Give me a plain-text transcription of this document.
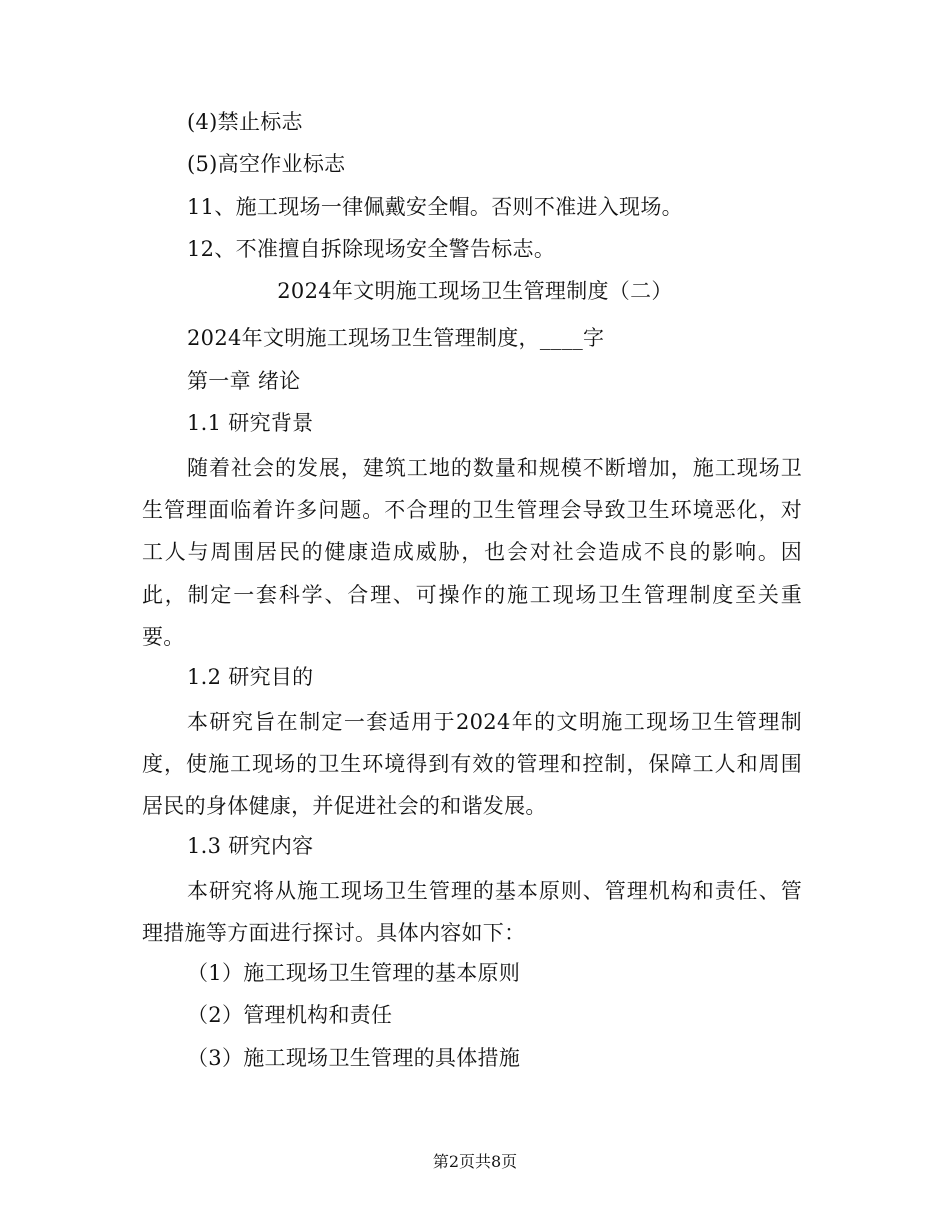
(4)禁止标志
(5)高空作业标志
11、施工现场一律佩戴安全帽。否则不准进入现场。
12、不准擅自拆除现场安全警告标志。
2024年文明施工现场卫生管理制度（二）
2024年文明施工现场卫生管理制度，____字
第一章 绪论
1.1 研究背景

随着社会的发展，建筑工地的数量和规模不断增加，施工现场卫生管理面临着许多问题。不合理的卫生管理会导致卫生环境恶化，对工人与周围居民的健康造成威胁，也会对社会造成不良的影响。因此，制定一套科学、合理、可操作的施工现场卫生管理制度至关重要。

1.2 研究目的

本研究旨在制定一套适用于2024年的文明施工现场卫生管理制度，使施工现场的卫生环境得到有效的管理和控制，保障工人和周围居民的身体健康，并促进社会的和谐发展。

1.3 研究内容

本研究将从施工现场卫生管理的基本原则、管理机构和责任、管理措施等方面进行探讨。具体内容如下：

（1）施工现场卫生管理的基本原则
（2）管理机构和责任
（3）施工现场卫生管理的具体措施
第2页共8页
